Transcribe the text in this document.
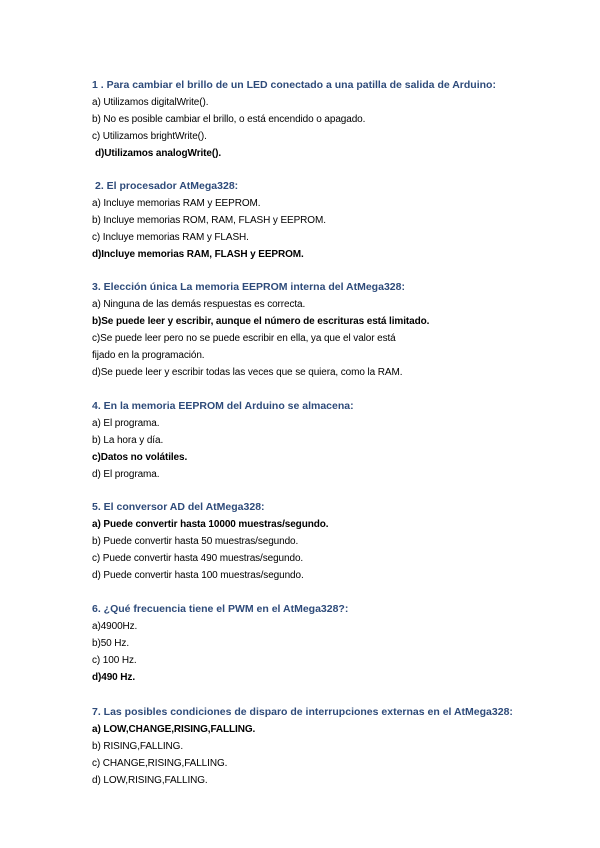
1 . Para cambiar el brillo de un LED conectado a una patilla de salida de Arduino:
a) Utilizamos digitalWrite().
b) No es posible cambiar el brillo, o está encendido o apagado.
c) Utilizamos brightWrite().
d)Utilizamos analogWrite().
2. El procesador AtMega328:
a) Incluye memorias RAM y EEPROM.
b) Incluye memorias ROM, RAM, FLASH y EEPROM.
c) Incluye memorias RAM y FLASH.
d)Incluye memorias RAM, FLASH y EEPROM.
3. Elección única La memoria EEPROM interna del AtMega328:
a) Ninguna de las demás respuestas es correcta.
b)Se puede leer y escribir, aunque el número de escrituras está limitado.
c)Se puede leer pero no se puede escribir en ella, ya que el valor está
fijado en la programación.
d)Se puede leer y escribir todas las veces que se quiera, como la RAM.
4. En la memoria EEPROM del Arduino se almacena:
a) El programa.
b) La hora y día.
c)Datos no volátiles.
d) El programa.
5. El conversor AD del AtMega328:
a) Puede convertir hasta 10000 muestras/segundo.
b) Puede convertir hasta 50 muestras/segundo.
c) Puede convertir hasta 490 muestras/segundo.
d) Puede convertir hasta 100 muestras/segundo.
6. ¿Qué frecuencia tiene el PWM en el AtMega328?:
a)4900Hz.
b)50 Hz.
c) 100 Hz.
d)490 Hz.
7. Las posibles condiciones de disparo de interrupciones externas en el AtMega328:
a) LOW,CHANGE,RISING,FALLING.
b) RISING,FALLING.
c) CHANGE,RISING,FALLING.
d) LOW,RISING,FALLING.
